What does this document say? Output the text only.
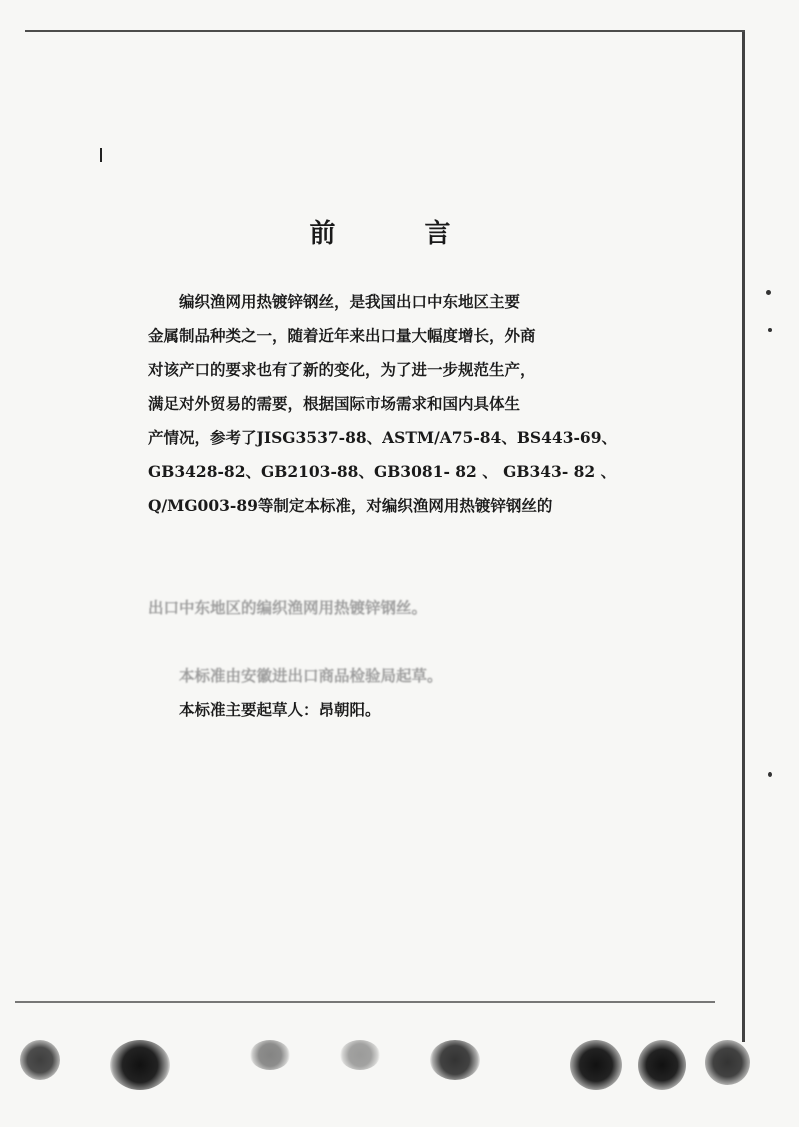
前 言

编织渔网用热镀锌钢丝，是我国出口中东地区主要

金属制品种类之一，随着近年来出口量大幅度增长，外商

对该产口的要求也有了新的变化，为了进一步规范生产，

满足对外贸易的需要，根据国际市场需求和国内具体生

产情况，参考了JISG3537-88、ASTM/A75-84、BS443-69、

GB3428-82、GB2103-88、GB3081- 82 、 GB343- 82 、

Q/MG003-89等制定本标准，对编织渔网用热镀锌钢丝的

出口中东地区的编织渔网用热镀锌钢丝。

本标准由安徽进出口商品检验局起草。

本标准主要起草人：昂朝阳。
